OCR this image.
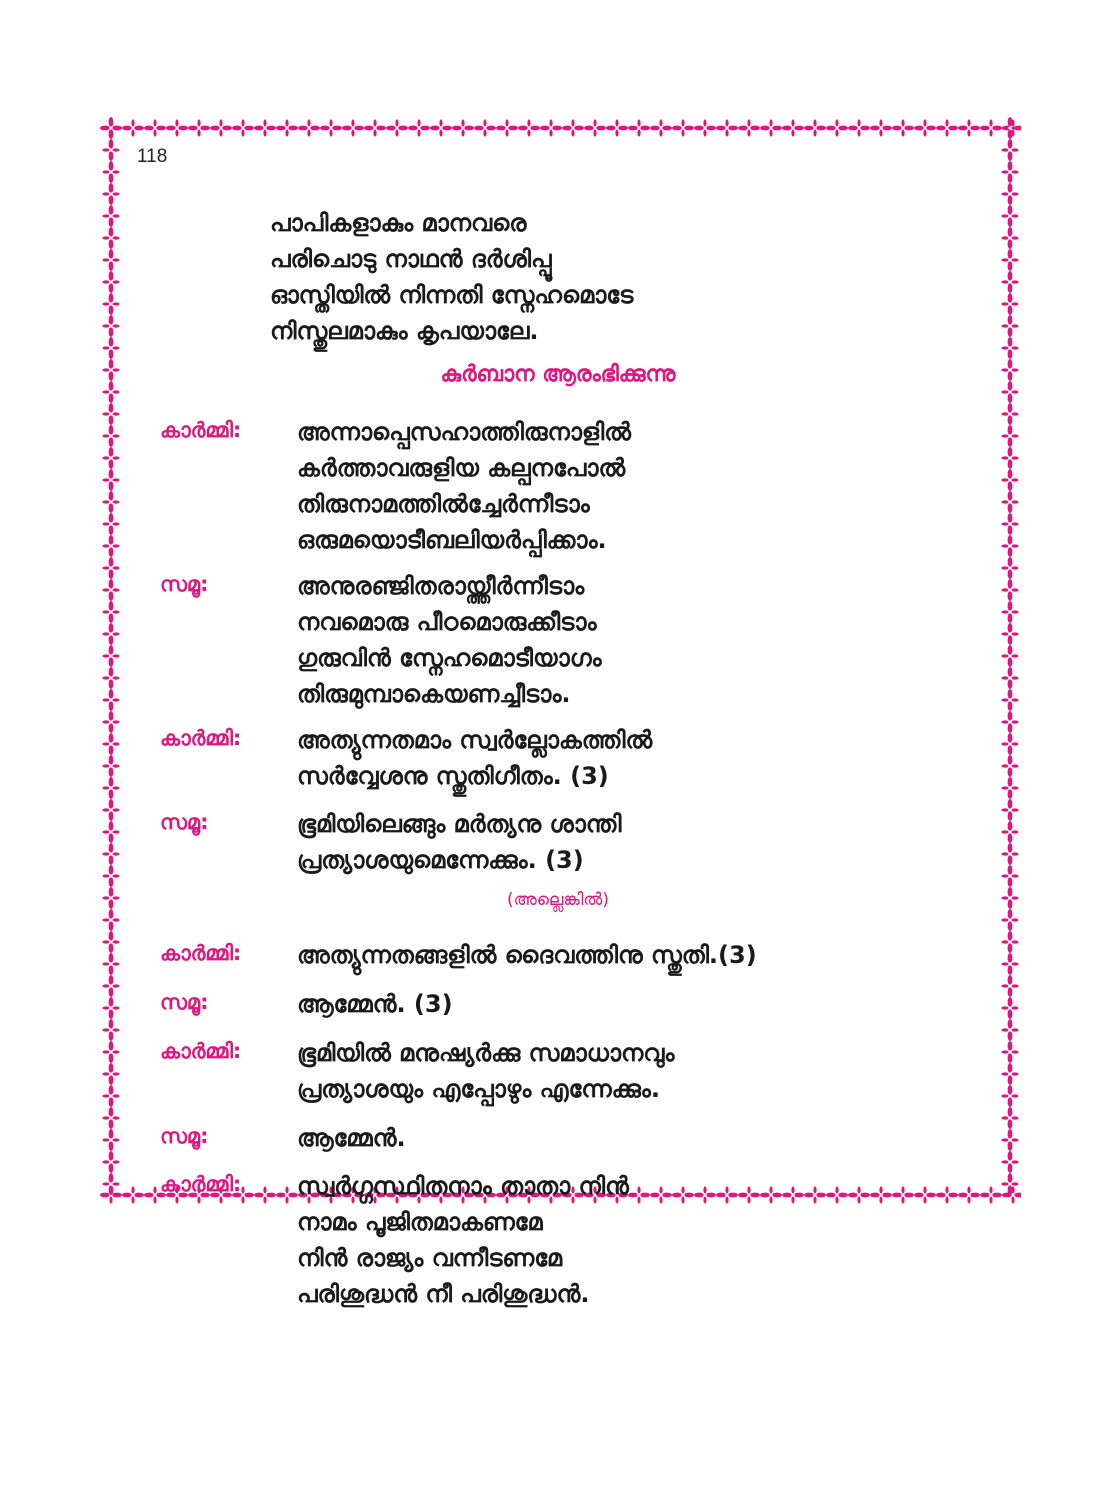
118
പാപികളാകും മാനവരെ
പരിചൊടു നാഥൻ ദർശിപ്പൂ
ഓസ്തിയിൽ നിന്നതി സ്നേഹമൊടേ
നിസ്തുലമാകും കൃപയാലേ.
കുർബാന ആരംഭിക്കുന്നു
കാർമ്മി:	അന്നാപ്പെസഹാത്തിരുനാളിൽ
കർത്താവരുളിയ കല്പനപോൽ
തിരുനാമത്തിൽച്ചേർന്നീടാം
ഒരുമയൊടീബലിയർപ്പിക്കാം.
സമൂ:	അനുരഞ്ജിതരായ്ത്തീർന്നീടാം
നവമൊരു പീഠമൊരുക്കീടാം
ഗുരുവിൻ സ്നേഹമൊടീയാഗം
തിരുമുമ്പാകെയണച്ചീടാം.
കാർമ്മി:	അത്യുന്നതമാം സ്വർല്ലോകത്തിൽ
സർവ്വേശനു സ്തുതിഗീതം. (3)
സമൂ:	ഭൂമിയിലെങ്ങും മർത്യനു ശാന്തി
പ്രത്യാശയുമെന്നേക്കും. (3)
(അല്ലെങ്കിൽ)
കാർമ്മി:	അത്യുന്നതങ്ങളിൽ ദൈവത്തിനു സ്തുതി.(3)
സമൂ:	ആമ്മേൻ. (3)
കാർമ്മി:	ഭൂമിയിൽ മനുഷ്യർക്കു സമാധാനവും
പ്രത്യാശയും എപ്പോഴും എന്നേക്കും.
സമൂ:	ആമ്മേൻ.
കാർമ്മി:	സ്വർഗ്ഗസ്ഥിതനാം താതാ നിൻ
നാമം പൂജിതമാകണമേ
നിൻ രാജ്യം വന്നീടണമേ
പരിശുദ്ധൻ നീ പരിശുദ്ധൻ.
